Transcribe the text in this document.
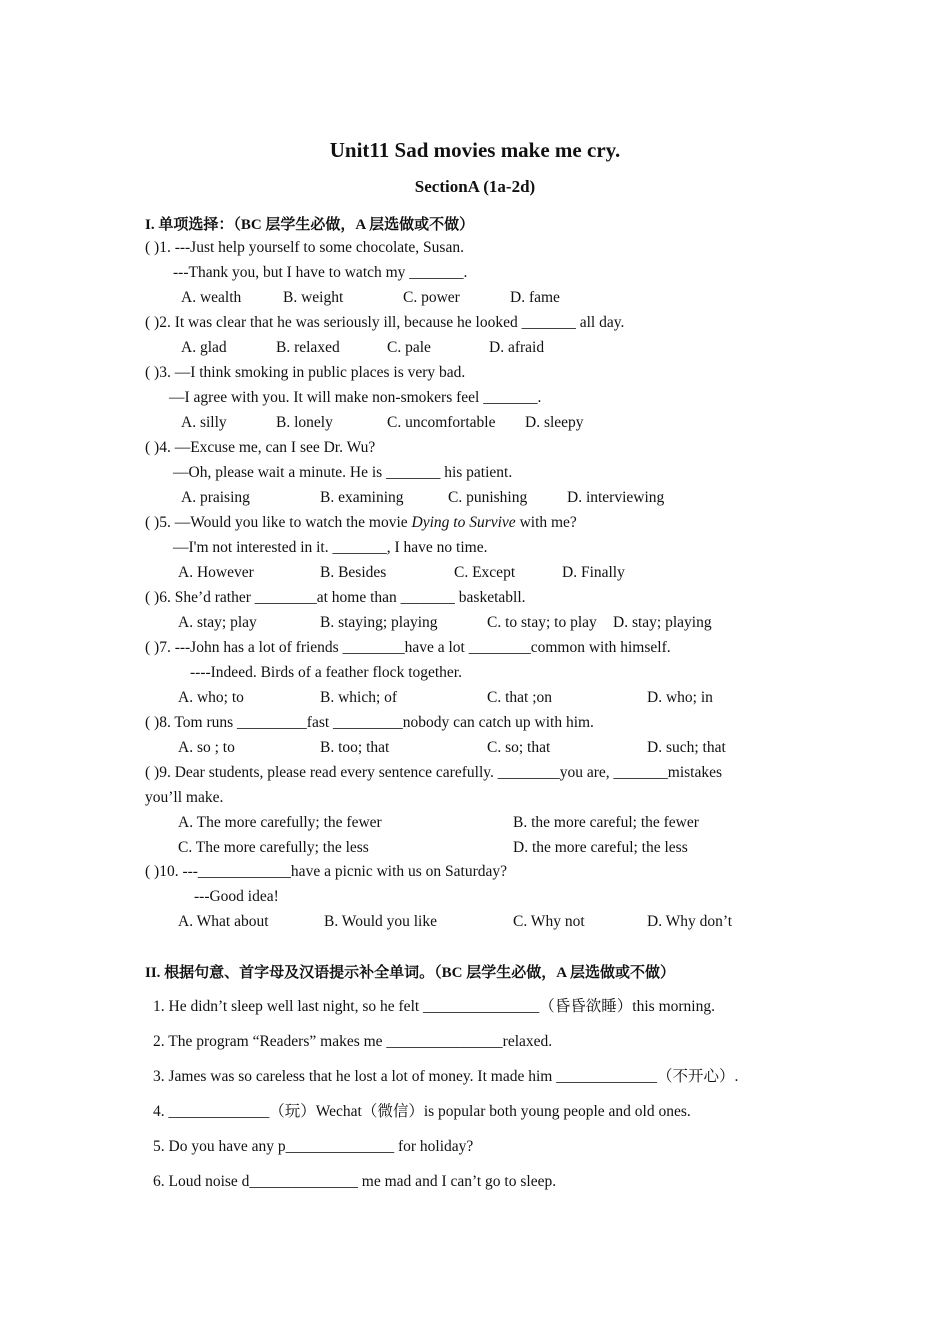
Unit11 Sad movies make me cry.
SectionA (1a-2d)
I. 单项选择：（BC 层学生必做，A 层选做或不做）
( )1. ---Just help yourself to some chocolate, Susan.
---Thank you, but I have to watch my _______.
A. wealth	B. weight	C. power	D. fame
( )2. It was clear that he was seriously ill, because he looked _______ all day.
A. glad	B. relaxed	C. pale	D. afraid
( )3. —I think smoking in public places is very bad.
—I agree with you. It will make non-smokers feel _______.
A. silly	B. lonely	C. uncomfortable D. sleepy
( )4. —Excuse me, can I see Dr. Wu?
—Oh, please wait a minute. He is _______ his patient.
A. praising	B. examining	C. punishing	D. interviewing
( )5. —Would you like to watch the movie Dying to Survive with me?
—I'm not interested in it. _______, I have no time.
A. However	B. Besides	C. Except	D. Finally
( )6. She’d rather ________at home than _______ basketabll.
A. stay; play	B. staying; playing	C. to stay; to play D. stay; playing
( )7. ---John has a lot of friends ________have a lot ________common with himself.
----Indeed. Birds of a feather flock together.
A. who; to	B. which; of	C. that ;on	D. who; in
( )8. Tom runs _________fast _________nobody can catch up with him.
A. so ; to	B. too; that	C. so; that	D. such; that
( )9. Dear students, please read every sentence carefully. ________you are, _______mistakes
you’ll make.
A. The more carefully; the fewer	B. the more careful; the fewer
C. The more carefully; the less	D. the more careful; the less
( )10. ---____________have a picnic with us on Saturday?
---Good idea!
A. What about	B. Would you like	C. Why not	D. Why don’t
II. 根据句意、首字母及汉语提示补全单词。（BC 层学生必做，A 层选做或不做）
1. He didn’t sleep well last night, so he felt _______________（昏昏欲睡）this morning.
2. The program “Readers” makes me _______________relaxed.
3. James was so careless that he lost a lot of money. It made him _____________（不开心）.
4. _____________（玩）Wechat（微信）is popular both young people and old ones.
5. Do you have any p______________ for holiday?
6. Loud noise d______________ me mad and I can’t go to sleep.
